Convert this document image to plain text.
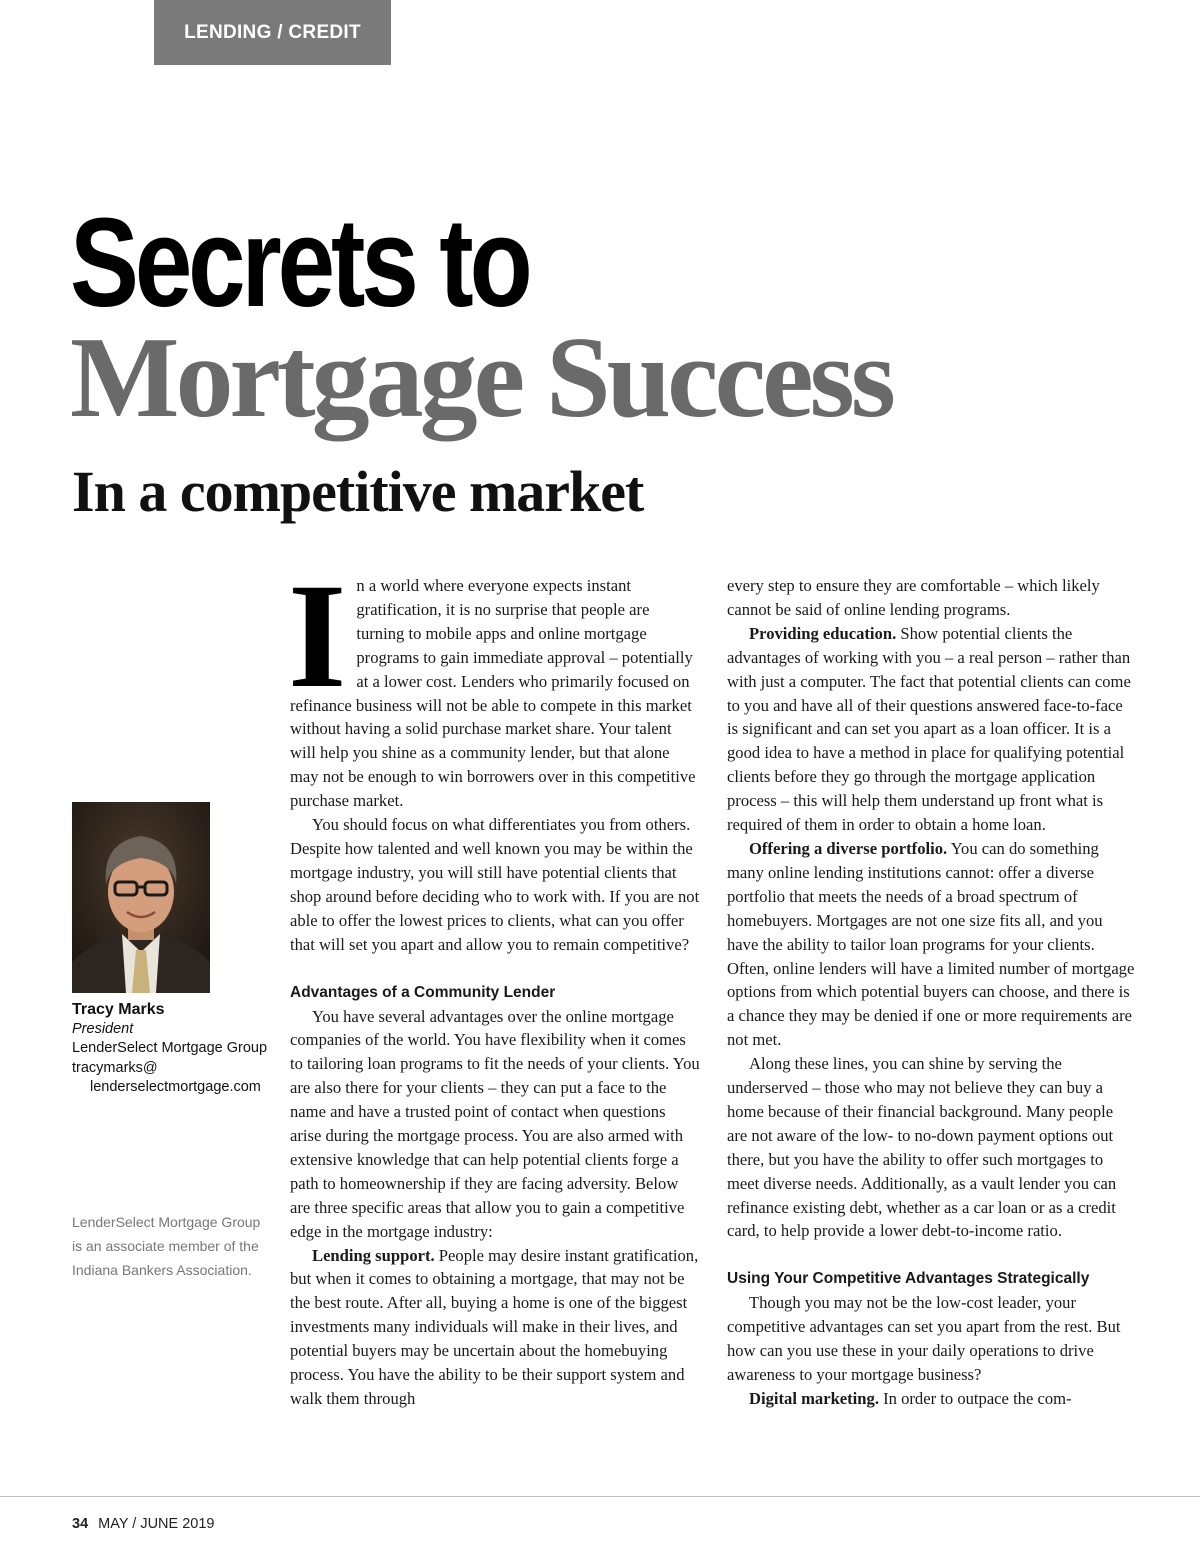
LENDING / CREDIT
Secrets to
Mortgage Success
In a competitive market
Tracy Marks
President
LenderSelect Mortgage Group
tracymarks@
lenderselectmortgage.com
LenderSelect Mortgage Group is an associate member of the Indiana Bankers Association.

In a world where everyone expects instant gratification, it is no surprise that people are turning to mobile apps and online mortgage programs to gain immediate approval – potentially at a lower cost. Lenders who primarily focused on refinance business will not be able to compete in this market without having a solid purchase market share. Your talent will help you shine as a community lender, but that alone may not be enough to win borrowers over in this competitive purchase market.

You should focus on what differentiates you from others. Despite how talented and well known you may be within the mortgage industry, you will still have potential clients that shop around before deciding who to work with. If you are not able to offer the lowest prices to clients, what can you offer that will set you apart and allow you to remain competitive?

Advantages of a Community Lender

You have several advantages over the online mortgage companies of the world. You have flexibility when it comes to tailoring loan programs to fit the needs of your clients. You are also there for your clients – they can put a face to the name and have a trusted point of contact when questions arise during the mortgage process. You are also armed with extensive knowledge that can help potential clients forge a path to homeownership if they are facing adversity. Below are three specific areas that allow you to gain a competitive edge in the mortgage industry:

Lending support. People may desire instant gratification, but when it comes to obtaining a mortgage, that may not be the best route. After all, buying a home is one of the biggest investments many individuals will make in their lives, and potential buyers may be uncertain about the homebuying process. You have the ability to be their support system and walk them through

every step to ensure they are comfortable – which likely cannot be said of online lending programs.

Providing education. Show potential clients the advantages of working with you – a real person – rather than with just a computer. The fact that potential clients can come to you and have all of their questions answered face-to-face is significant and can set you apart as a loan officer. It is a good idea to have a method in place for qualifying potential clients before they go through the mortgage application process – this will help them understand up front what is required of them in order to obtain a home loan.

Offering a diverse portfolio. You can do something many online lending institutions cannot: offer a diverse portfolio that meets the needs of a broad spectrum of homebuyers. Mortgages are not one size fits all, and you have the ability to tailor loan programs for your clients. Often, online lenders will have a limited number of mortgage options from which potential buyers can choose, and there is a chance they may be denied if one or more requirements are not met.

Along these lines, you can shine by serving the underserved – those who may not believe they can buy a home because of their financial background. Many people are not aware of the low- to no-down payment options out there, but you have the ability to offer such mortgages to meet diverse needs. Additionally, as a vault lender you can refinance existing debt, whether as a car loan or as a credit card, to help provide a lower debt-to-income ratio.

Using Your Competitive Advantages Strategically

Though you may not be the low-cost leader, your competitive advantages can set you apart from the rest. But how can you use these in your daily operations to drive awareness to your mortgage business?

Digital marketing. In order to outpace the com-

34 MAY / JUNE 2019
